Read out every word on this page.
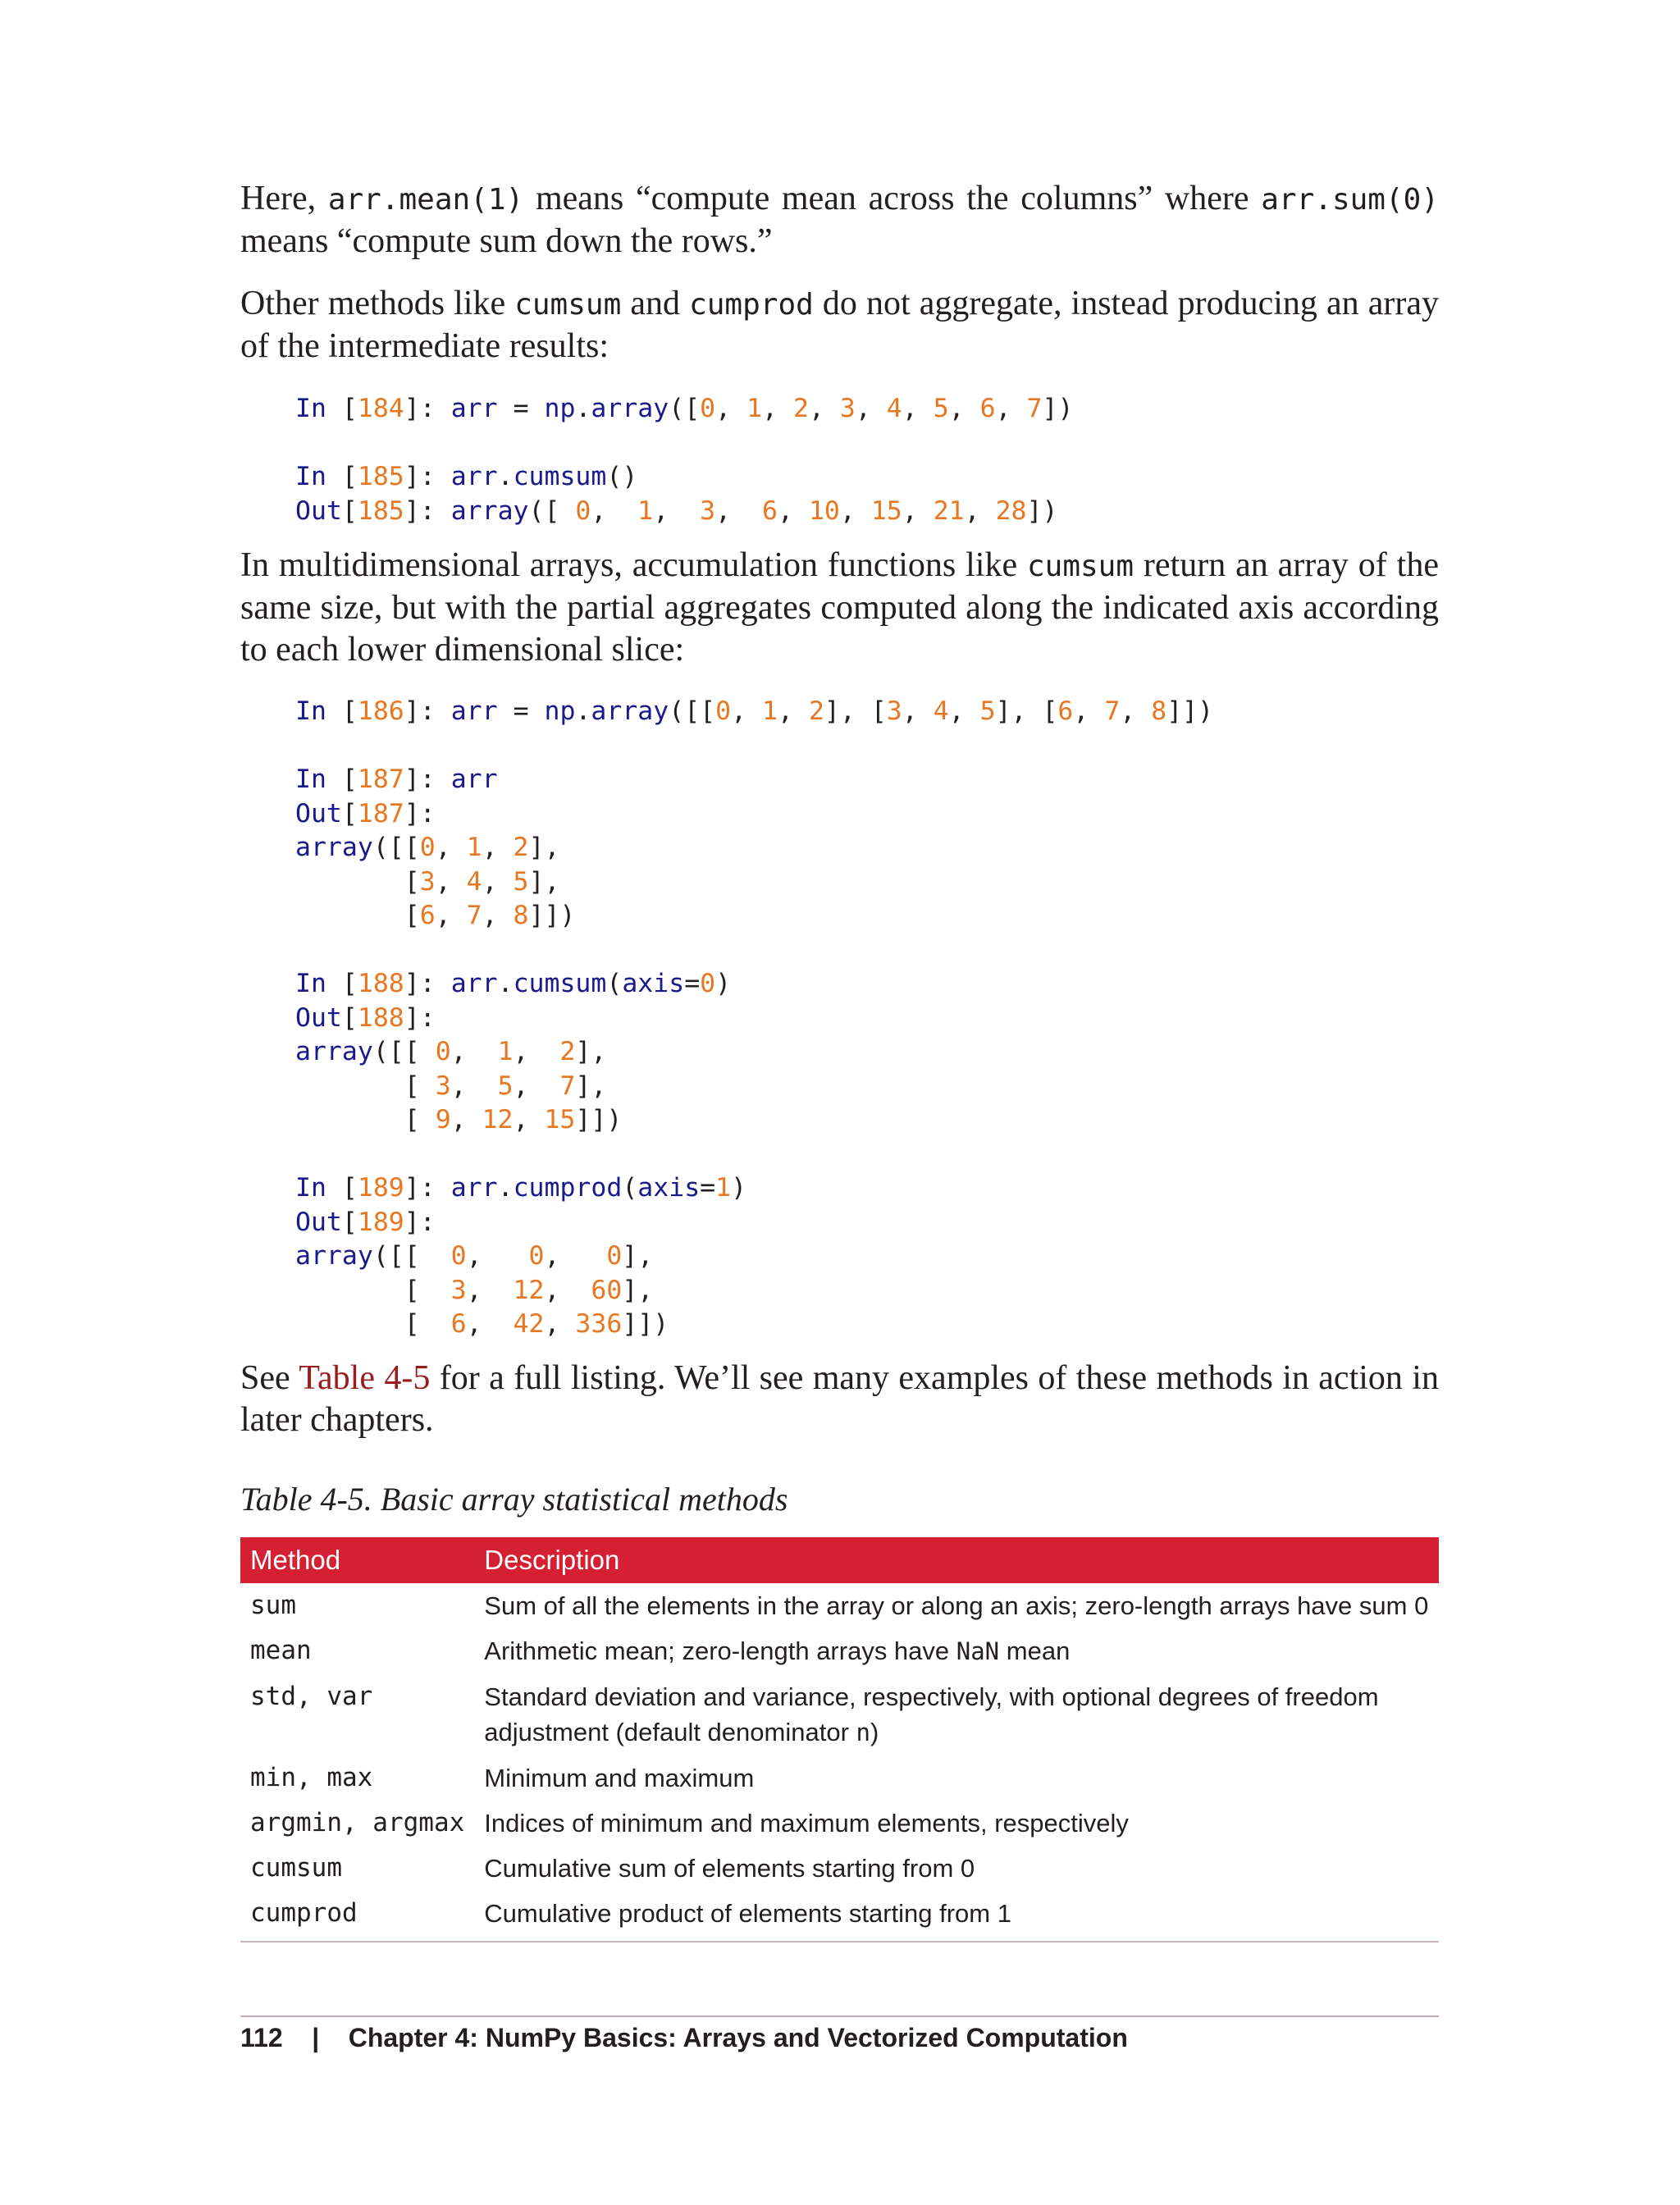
Here, arr.mean(1) means “compute mean across the columns” where arr.sum(0) means “compute sum down the rows.”

Other methods like cumsum and cumprod do not aggregate, instead producing an array of the intermediate results:

In [184]: arr = np.array([0, 1, 2, 3, 4, 5, 6, 7])

In [185]: arr.cumsum()
Out[185]: array([ 0,  1,  3,  6, 10, 15, 21, 28])

In multidimensional arrays, accumulation functions like cumsum return an array of the same size, but with the partial aggregates computed along the indicated axis according to each lower dimensional slice:

In [186]: arr = np.array([[0, 1, 2], [3, 4, 5], [6, 7, 8]])

In [187]: arr
Out[187]:
array([[0, 1, 2],
[3, 4, 5],
[6, 7, 8]])

In [188]: arr.cumsum(axis=0)
Out[188]:
array([[ 0,  1,  2],
[ 3,  5,  7],
[ 9, 12, 15]])

In [189]: arr.cumprod(axis=1)
Out[189]:
array([[  0,   0,   0],
[  3,  12,  60],
[  6,  42, 336]])

See Table 4-5 for a full listing. We’ll see many examples of these methods in action in later chapters.

Table 4-5. Basic array statistical methods

Method	Description
sum	Sum of all the elements in the array or along an axis; zero-length arrays have sum 0
mean	Arithmetic mean; zero-length arrays have NaN mean
std, var	Standard deviation and variance, respectively, with optional degrees of freedom adjustment (default denominator n)
min, max	Minimum and maximum
argmin, argmax	Indices of minimum and maximum elements, respectively
cumsum	Cumulative sum of elements starting from 0
cumprod	Cumulative product of elements starting from 1
112 | Chapter 4: NumPy Basics: Arrays and Vectorized Computation
